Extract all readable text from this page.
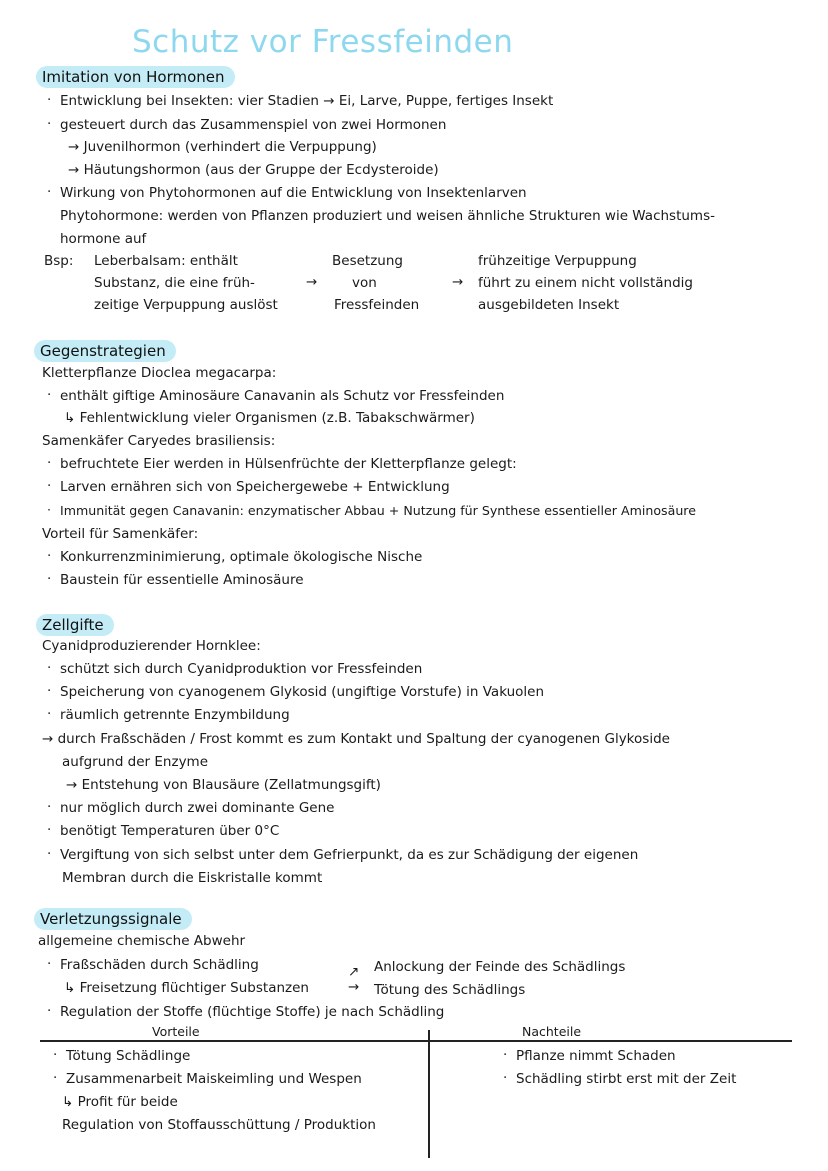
Schutz vor Fressfeinden
Imitation von Hormonen
· Entwicklung bei Insekten: vier Stadien → Ei, Larve, Puppe, fertiges Insekt
· gesteuert durch das Zusammenspiel von zwei Hormonen
→ Juvenilhormon (verhindert die Verpuppung)
→ Häutungshormon (aus der Gruppe der Ecdysteroide)
· Wirkung von Phytohormonen auf die Entwicklung von Insektenlarven
Phytohormone: werden von Pflanzen produziert und weisen ähnliche Strukturen wie Wachstums-
hormone auf
Bsp: Leberbalsam: enthält
Substanz, die eine früh-
zeitige Verpuppung auslöst
→
Besetzung
von
Fressfeinden
→
frühzeitige Verpuppung
führt zu einem nicht vollständig
ausgebildeten Insekt
Gegenstrategien
Kletterpflanze Dioclea megacarpa:
· enthält giftige Aminosäure Canavanin als Schutz vor Fressfeinden
↳ Fehlentwicklung vieler Organismen (z.B. Tabakschwärmer)
Samenkäfer Caryedes brasiliensis:
· befruchtete Eier werden in Hülsenfrüchte der Kletterpflanze gelegt:
· Larven ernähren sich von Speichergewebe + Entwicklung
· Immunität gegen Canavanin: enzymatischer Abbau + Nutzung für Synthese essentieller Aminosäure
Vorteil für Samenkäfer:
· Konkurrenzminimierung, optimale ökologische Nische
· Baustein für essentielle Aminosäure
Zellgifte
Cyanidproduzierender Hornklee:
· schützt sich durch Cyanidproduktion vor Fressfeinden
· Speicherung von cyanogenem Glykosid (ungiftige Vorstufe) in Vakuolen
· räumlich getrennte Enzymbildung
→ durch Fraßschäden / Frost kommt es zum Kontakt und Spaltung der cyanogenen Glykoside
aufgrund der Enzyme
→ Entstehung von Blausäure (Zellatmungsgift)
· nur möglich durch zwei dominante Gene
· benötigt Temperaturen über 0°C
· Vergiftung von sich selbst unter dem Gefrierpunkt, da es zur Schädigung der eigenen
Membran durch die Eiskristalle kommt
Verletzungssignale
allgemeine chemische Abwehr
· Fraßschäden durch Schädling
↳ Freisetzung flüchtiger Substanzen
↗
→
Anlockung der Feinde des Schädlings
Tötung des Schädlings
· Regulation der Stoffe (flüchtige Stoffe) je nach Schädling
Vorteile	Nachteile
· Tötung Schädlinge
· Zusammenarbeit Maiskeimling und Wespen
↳ Profit für beide
Regulation von Stoffausschüttung / Produktion
· Pflanze nimmt Schaden
· Schädling stirbt erst mit der Zeit
